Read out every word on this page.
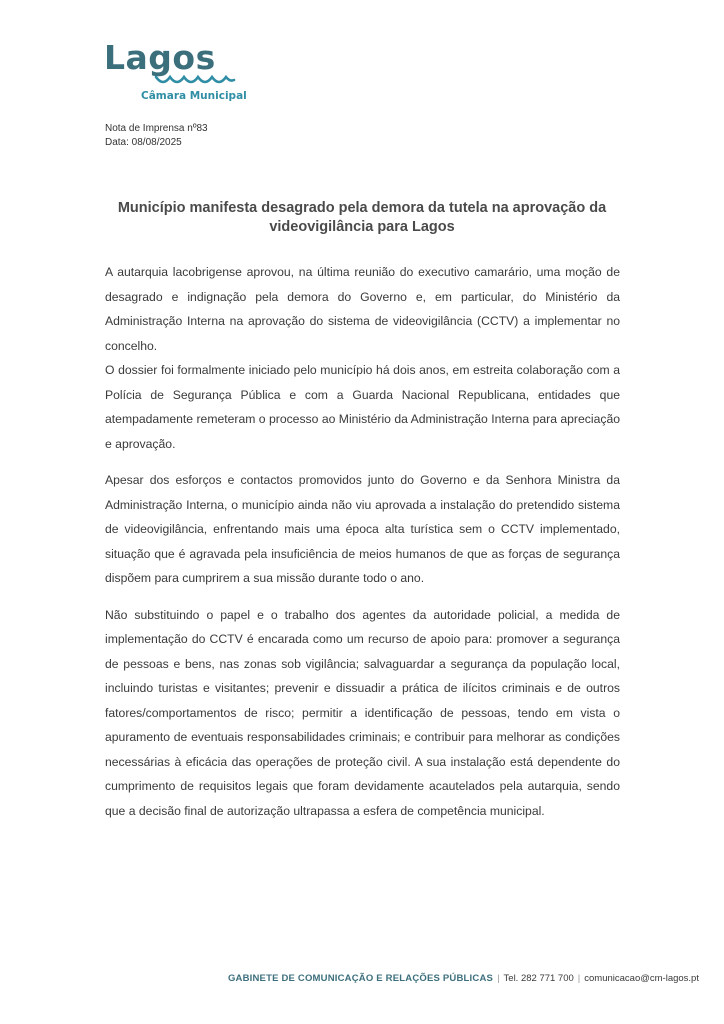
Lagos
Câmara Municipal
Nota de Imprensa nº83
Data: 08/08/2025
Município manifesta desagrado pela demora da tutela na aprovação da
videovigilância para Lagos

A autarquia lacobrigense aprovou, na última reunião do executivo camarário, uma moção de desagrado e indignação pela demora do Governo e, em particular, do Ministério da Administração Interna na aprovação do sistema de videovigilância (CCTV) a implementar no concelho.

O dossier foi formalmente iniciado pelo município há dois anos, em estreita colaboração com a Polícia de Segurança Pública e com a Guarda Nacional Republicana, entidades que atempadamente remeteram o processo ao Ministério da Administração Interna para apreciação e aprovação.

Apesar dos esforços e contactos promovidos junto do Governo e da Senhora Ministra da Administração Interna, o município ainda não viu aprovada a instalação do pretendido sistema de videovigilância, enfrentando mais uma época alta turística sem o CCTV implementado, situação que é agravada pela insuficiência de meios humanos de que as forças de segurança dispõem para cumprirem a sua missão durante todo o ano.

Não substituindo o papel e o trabalho dos agentes da autoridade policial, a medida de implementação do CCTV é encarada como um recurso de apoio para: promover a segurança de pessoas e bens, nas zonas sob vigilância; salvaguardar a segurança da população local, incluindo turistas e visitantes; prevenir e dissuadir a prática de ilícitos criminais e de outros fatores/comportamentos de risco; permitir a identificação de pessoas, tendo em vista o apuramento de eventuais responsabilidades criminais; e contribuir para melhorar as condições necessárias à eficácia das operações de proteção civil. A sua instalação está dependente do cumprimento de requisitos legais que foram devidamente acautelados pela autarquia, sendo que a decisão final de autorização ultrapassa a esfera de competência municipal.

GABINETE DE COMUNICAÇÃO E RELAÇÕES PÚBLICAS | Tel. 282 771 700 | comunicacao@cm-lagos.pt
